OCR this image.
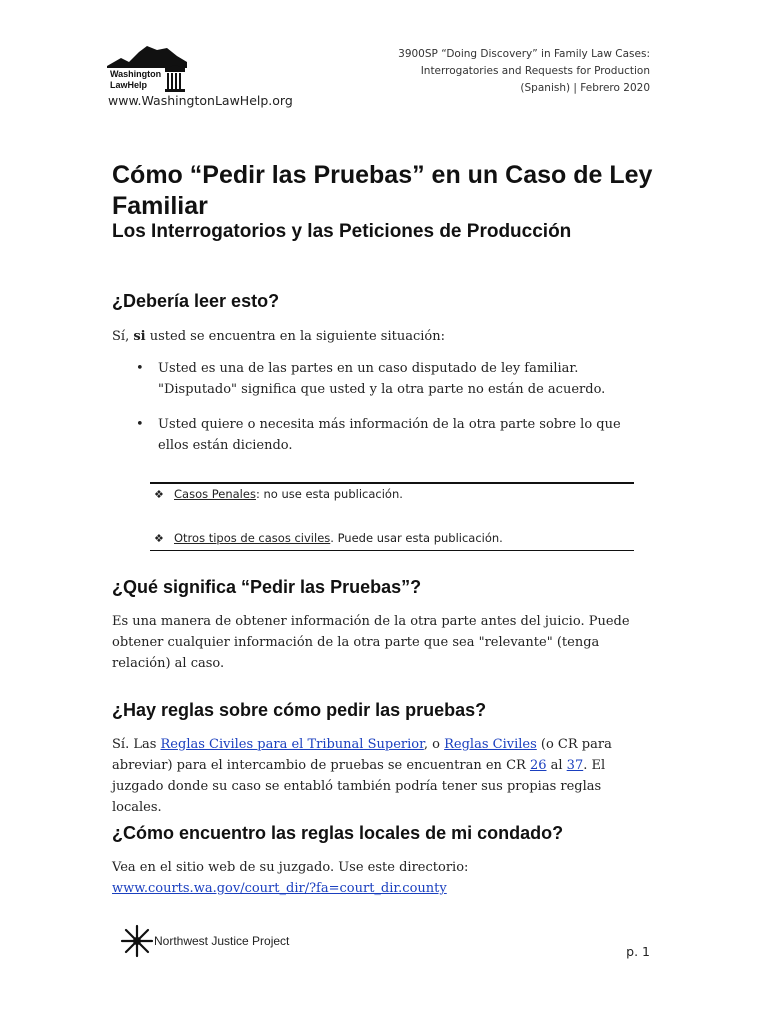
Washington
LawHelp
www.WashingtonLawHelp.org
3900SP “Doing Discovery” in Family Law Cases:
Interrogatories and Requests for Production
(Spanish) | Febrero 2020
Cómo “Pedir las Pruebas” en un Caso de Ley Familiar
Los Interrogatorios y las Peticiones de Producción
¿Debería leer esto?

Sí, si usted se encuentra en la siguiente situación:

• Usted es una de las partes en un caso disputado de ley familiar. "Disputado" significa que usted y la otra parte no están de acuerdo.
• Usted quiere o necesita más información de la otra parte sobre lo que ellos están diciendo.
❖ Casos Penales: no use esta publicación.
❖ Otros tipos de casos civiles. Puede usar esta publicación.
¿Qué significa “Pedir las Pruebas”?

Es una manera de obtener información de la otra parte antes del juicio. Puede obtener cualquier información de la otra parte que sea "relevante" (tenga relación) al caso.

¿Hay reglas sobre cómo pedir las pruebas?

Sí. Las Reglas Civiles para el Tribunal Superior, o Reglas Civiles (o CR para abreviar) para el intercambio de pruebas se encuentran en CR 26 al 37. El juzgado donde su caso se entabló también podría tener sus propias reglas locales.

¿Cómo encuentro las reglas locales de mi condado?

Vea en el sitio web de su juzgado. Use este directorio:
www.courts.wa.gov/court_dir/?fa=court_dir.county

Northwest Justice Project
p. 1
